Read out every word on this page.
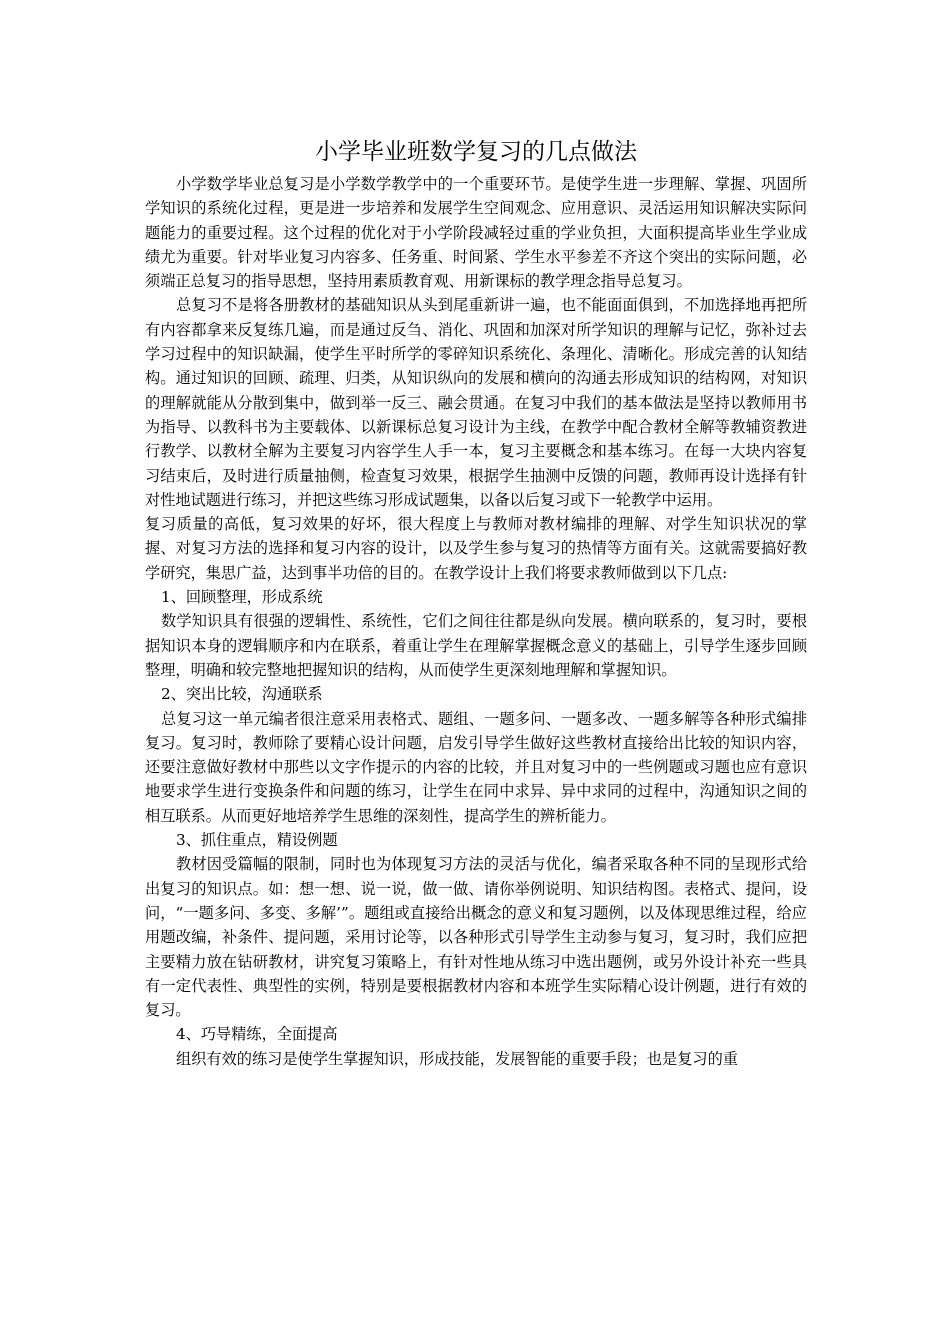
小学毕业班数学复习的几点做法

小学数学毕业总复习是小学数学教学中的一个重要环节。是使学生进一步理解、掌握、巩固所学知识的系统化过程，更是进一步培养和发展学生空间观念、应用意识、灵活运用知识解决实际问题能力的重要过程。这个过程的优化对于小学阶段减轻过重的学业负担，大面积提高毕业生学业成绩尤为重要。针对毕业复习内容多、任务重、时间紧、学生水平参差不齐这个突出的实际问题，必须端正总复习的指导思想，坚持用素质教育观、用新课标的教学理念指导总复习。

总复习不是将各册教材的基础知识从头到尾重新讲一遍，也不能面面俱到，不加选择地再把所有内容都拿来反复练几遍，而是通过反刍、消化、巩固和加深对所学知识的理解与记忆，弥补过去学习过程中的知识缺漏，使学生平时所学的零碎知识系统化、条理化、清晰化。形成完善的认知结构。通过知识的回顾、疏理、归类，从知识纵向的发展和横向的沟通去形成知识的结构网，对知识的理解就能从分散到集中，做到举一反三、融会贯通。在复习中我们的基本做法是坚持以教师用书为指导、以教科书为主要载体、以新课标总复习设计为主线，在教学中配合教材全解等教辅资教进行教学、以教材全解为主要复习内容学生人手一本，复习主要概念和基本练习。在每一大块内容复习结束后，及时进行质量抽侧，检查复习效果，根据学生抽测中反馈的问题，教师再设计选择有针对性地试题进行练习，并把这些练习形成试题集，以备以后复习或下一轮教学中运用。

复习质量的高低，复习效果的好坏，很大程度上与教师对教材编排的理解、对学生知识状况的掌握、对复习方法的选择和复习内容的设计，以及学生参与复习的热情等方面有关。这就需要搞好教学研究，集思广益，达到事半功倍的目的。在教学设计上我们将要求教师做到以下几点:

1、回顾整理，形成系统

数学知识具有很强的逻辑性、系统性，它们之间往往都是纵向发展。横向联系的，复习时，要根据知识本身的逻辑顺序和内在联系，着重让学生在理解掌握概念意义的基础上，引导学生逐步回顾整理，明确和较完整地把握知识的结构，从而使学生更深刻地理解和掌握知识。

2、突出比较，沟通联系

总复习这一单元编者很注意采用表格式、题组、一题多问、一题多改、一题多解等各种形式编排复习。复习时，教师除了要精心设计问题，启发引导学生做好这些教材直接给出比较的知识内容，还要注意做好教材中那些以文字作提示的内容的比较，并且对复习中的一些例题或习题也应有意识地要求学生进行变换条件和问题的练习，让学生在同中求异、异中求同的过程中，沟通知识之间的相互联系。从而更好地培养学生思维的深刻性，提高学生的辨析能力。

3、抓住重点，精设例题

教材因受篇幅的限制，同时也为体现复习方法的灵活与优化，编者采取各种不同的呈现形式给出复习的知识点。如：想一想、说一说，做一做、请你举例说明、知识结构图。表格式、提问，设问，“一题多问、多变、多解’”。题组或直接给出概念的意义和复习题例，以及体现思维过程，给应用题改编，补条件、提问题，采用讨论等，以各种形式引导学生主动参与复习，复习时，我们应把主要精力放在钻研教材，讲究复习策略上，有针对性地从练习中选出题例，或另外设计补充一些具有一定代表性、典型性的实例，特别是要根据教材内容和本班学生实际精心设计例题，进行有效的复习。

4、巧导精练，全面提高

组织有效的练习是使学生掌握知识，形成技能，发展智能的重要手段；也是复习的重
